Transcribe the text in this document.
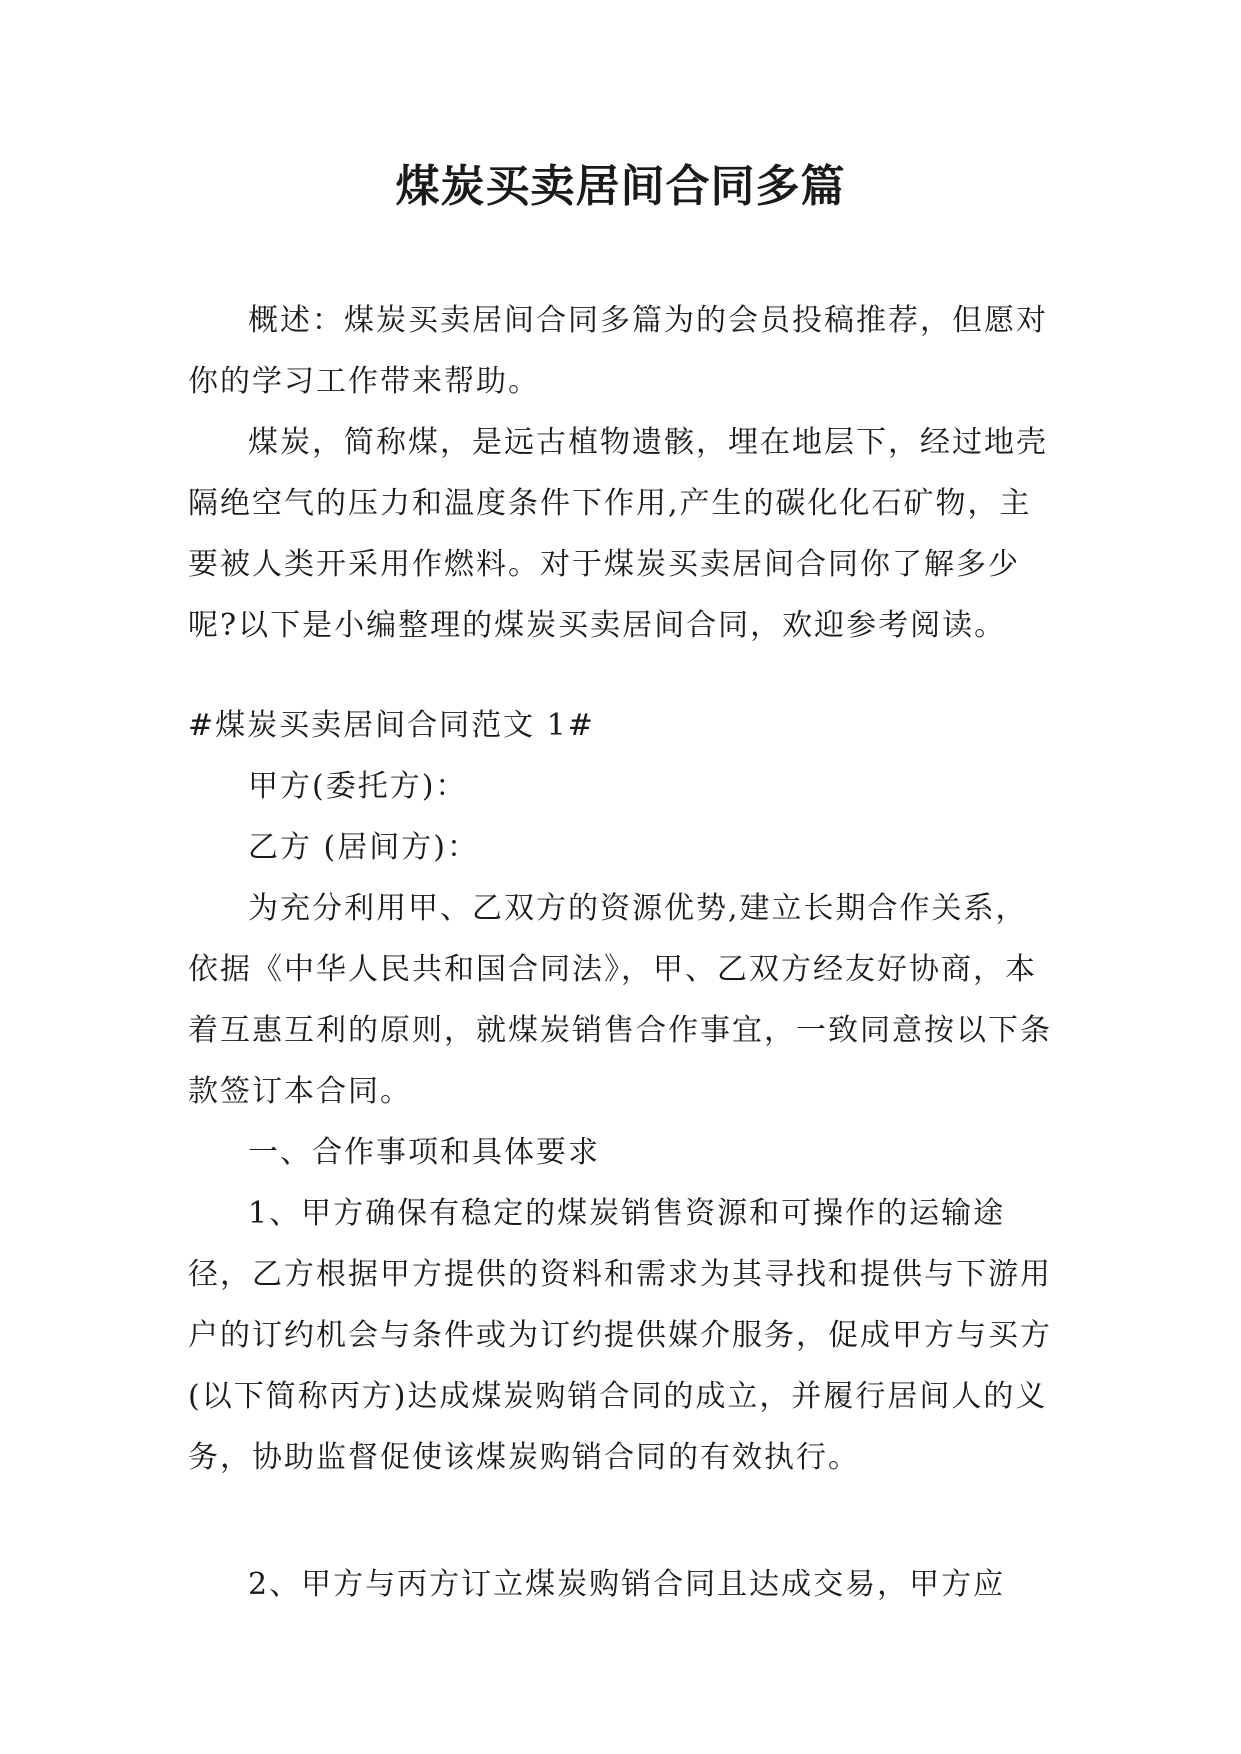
煤炭买卖居间合同多篇

概述：煤炭买卖居间合同多篇为的会员投稿推荐，但愿对你的学习工作带来帮助。

煤炭，简称煤，是远古植物遗骸，埋在地层下，经过地壳隔绝空气的压力和温度条件下作用,产生的碳化化石矿物，主要被人类开采用作燃料。对于煤炭买卖居间合同你了解多少呢?以下是小编整理的煤炭买卖居间合同，欢迎参考阅读。

#煤炭买卖居间合同范文 1#

甲方(委托方)：

乙方 (居间方)：

为充分利用甲、乙双方的资源优势,建立长期合作关系，依据《中华人民共和国合同法》，甲、乙双方经友好协商，本着互惠互利的原则，就煤炭销售合作事宜，一致同意按以下条款签订本合同。

一、合作事项和具体要求

1、甲方确保有稳定的煤炭销售资源和可操作的运输途径，乙方根据甲方提供的资料和需求为其寻找和提供与下游用户的订约机会与条件或为订约提供媒介服务，促成甲方与买方(以下简称丙方)达成煤炭购销合同的成立，并履行居间人的义务，协助监督促使该煤炭购销合同的有效执行。

2、甲方与丙方订立煤炭购销合同且达成交易，甲方应
